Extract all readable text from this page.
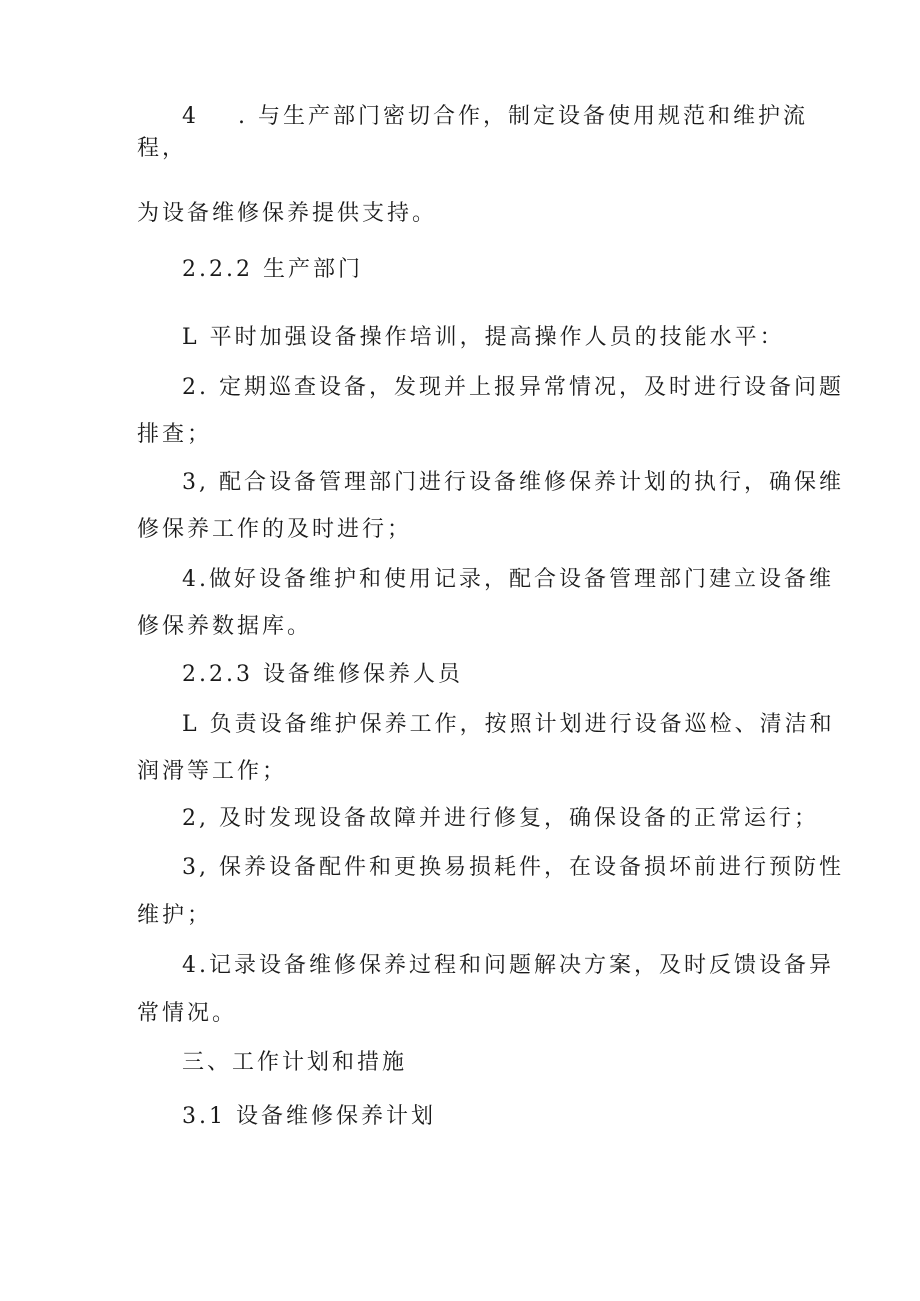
4 . 与生产部门密切合作，制定设备使用规范和维护流
程，
为设备维修保养提供支持。
2.2.2 生产部门
L 平时加强设备操作培训，提高操作人员的技能水平：
2. 定期巡查设备，发现并上报异常情况，及时进行设备问题
排查；
3, 配合设备管理部门进行设备维修保养计划的执行，确保维
修保养工作的及时进行；
4.做好设备维护和使用记录，配合设备管理部门建立设备维
修保养数据库。
2.2.3 设备维修保养人员
L 负责设备维护保养工作，按照计划进行设备巡检、清洁和
润滑等工作；
2, 及时发现设备故障并进行修复，确保设备的正常运行；
3, 保养设备配件和更换易损耗件，在设备损坏前进行预防性
维护；
4.记录设备维修保养过程和问题解决方案，及时反馈设备异
常情况。
三、工作计划和措施
3.1 设备维修保养计划
